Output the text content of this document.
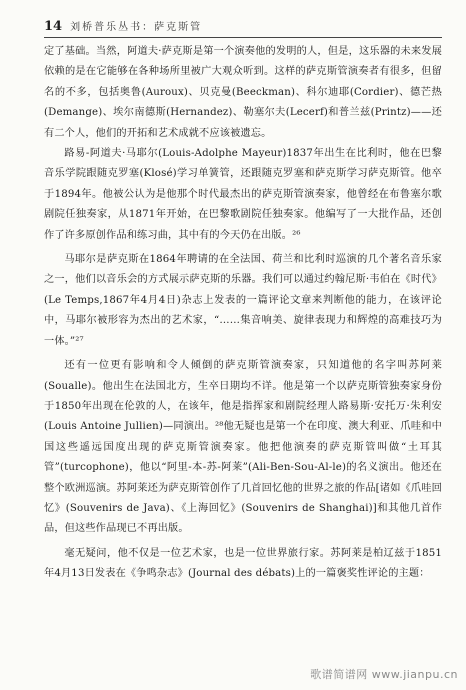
14 刘桥普乐丛书：萨克斯管

定了基础。当然，阿道夫·萨克斯是第一个演奏他的发明的人，但是，这乐器的未来发展依赖的是在它能够在各种场所里被广大观众听到。这样的萨克斯管演奏者有很多，但留名的不多，包括奥鲁(Auroux)、贝克曼(Beeckman)、科尔迪耶(Cordier)、德芒热(Demange)、埃尔南德斯(Hernandez)、勒塞尔夫(Lecerf)和普兰兹(Printz)——还有二个人，他们的开拓和艺术成就不应该被遗忘。

路易-阿道夫·马耶尔(Louis-Adolphe Mayeur)1837年出生在比利时，他在巴黎音乐学院跟随克罗塞(Klosé)学习单簧管，还跟随克罗塞和萨克斯学习萨克斯管。他卒于1894年。他被公认为是他那个时代最杰出的萨克斯管演奏家，他曾经在布鲁塞尔歌剧院任独奏家，从1871年开始，在巴黎歌剧院任独奏家。他编写了一大批作品，还创作了许多原创作品和练习曲，其中有的今天仍在出版。²⁶

马耶尔是萨克斯在1864年聘请的在全法国、荷兰和比利时巡演的几个著名音乐家之一，他们以音乐会的方式展示萨克斯的乐器。我们可以通过约翰尼斯·韦伯在《时代》(Le Temps,1867年4月4日)杂志上发表的一篇评论文章来判断他的能力，在该评论中，马耶尔被形容为杰出的艺术家，“……集音响美、旋律表现力和辉煌的高难技巧为一体。”²⁷

还有一位更有影响和令人倾倒的萨克斯管演奏家，只知道他的名字叫苏阿莱(Soualle)。他出生在法国北方，生卒日期均不详。他是第一个以萨克斯管独奏家身份于1850年出现在伦敦的人，在该年，他是指挥家和剧院经理人路易斯·安托万·朱利安(Louis Antoine Jullien)—同演出。²⁸他无疑也是第一个在印度、澳大利亚、爪哇和中国这些遥远国度出现的萨克斯管演奏家。他把他演奏的萨克斯管叫做“土耳其管”(turcophone)，他以“阿里-本-苏-阿莱”(Ali-Ben-Sou-Al-le)的名义演出。他还在整个欧洲巡演。苏阿莱还为萨克斯管创作了几首回忆他的世界之旅的作品[诸如《爪哇回忆》(Souvenirs de Java)、《上海回忆》(Souvenirs de Shanghai)]和其他几首作品，但这些作品现已不再出版。

毫无疑问，他不仅是一位艺术家，也是一位世界旅行家。苏阿莱是柏辽兹于1851年4月13日发表在《争鸣杂志》(Journal des débats)上的一篇褒奖性评论的主题：

歌谱简谱网 www.jianpu.cn
